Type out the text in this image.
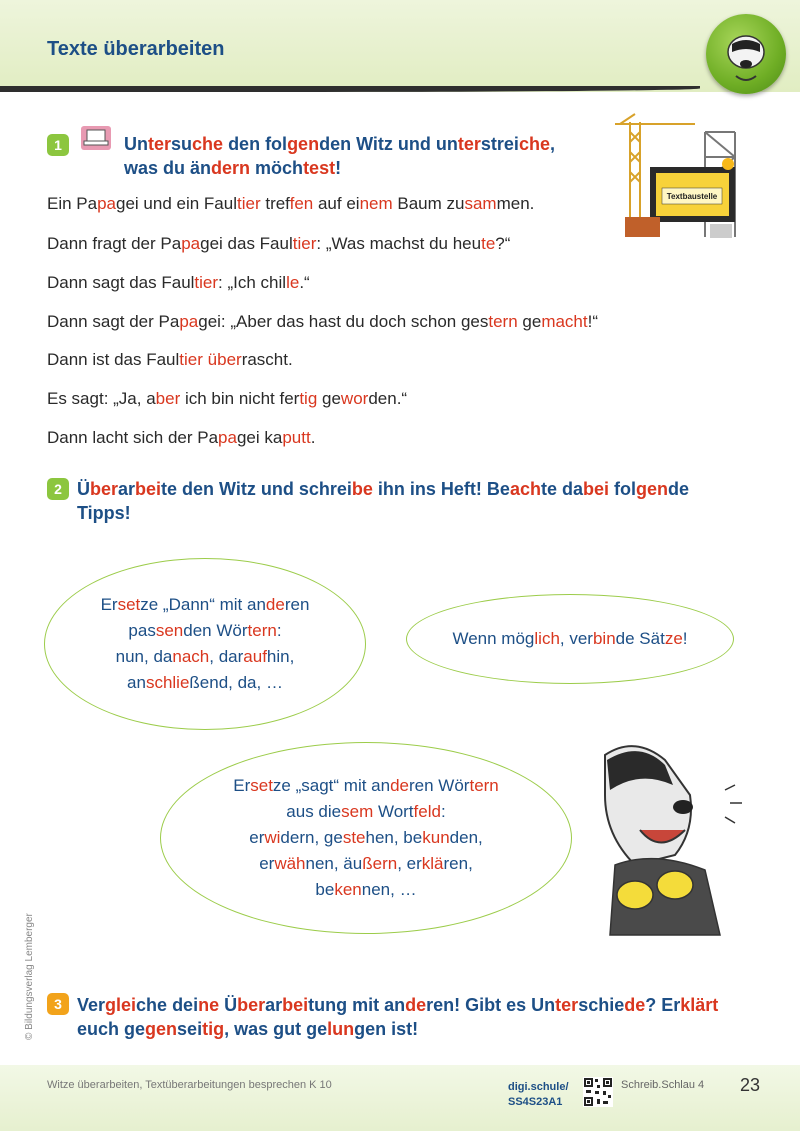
Texte überarbeiten
1	Untersuche den folgenden Witz und unterstreiche,
was du ändern möchtest!
Textbaustelle
Ein Papagei und ein Faultier treffen auf einem Baum zusammen.
Dann fragt der Papagei das Faultier: „Was machst du heute?“
Dann sagt das Faultier: „Ich chille.“
Dann sagt der Papagei: „Aber das hast du doch schon gestern gemacht!“
Dann ist das Faultier überrascht.
Es sagt: „Ja, aber ich bin nicht fertig geworden.“
Dann lacht sich der Papagei kaputt.
2 Überarbeite den Witz und schreibe ihn ins Heft! Beachte dabei folgende
Tipps!
Ersetze „Dann“ mit anderen
passenden Wörtern:
nun, danach, daraufhin,
anschließend, da, …
Wenn möglich, verbinde Sätze!
Ersetze „sagt“ mit anderen Wörtern
aus diesem Wortfeld:
erwidern, gestehen, bekunden,
erwähnen, äußern, erklären,
bekennen, …
3 Vergleiche deine Überarbeitung mit anderen! Gibt es Unterschiede? Erklärt
euch gegenseitig, was gut gelungen ist!
© Bildungsverlag Lemberger
Witze überarbeiten, Textüberarbeitungen besprechen K 10	digi.schule/
SS4S23A1
Schreib.Schlau 4 23
